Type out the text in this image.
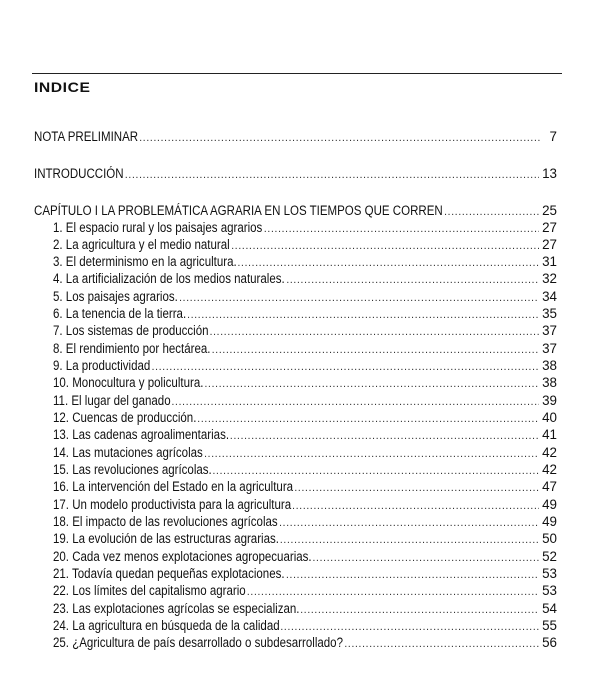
INDICE
NOTA PRELIMINAR .....	7
INTRODUCCIÓN .....	13
CAPÍTULO I LA PROBLEMÁTICA AGRARIA EN LOS TIEMPOS QUE CORREN .....	25
1. El espacio rural y los paisajes agrarios .....	27
2. La agricultura y el medio natural .....	27
3. El determinismo en la agricultura. .....	31
4. La artificialización de los medios naturales. .....	32
5. Los paisajes agrarios. .....	34
6. La tenencia de la tierra. .....	35
7. Los sistemas de producción .....	37
8. El rendimiento por hectárea. .....	37
9. La productividad .....	38
10. Monocultura y policultura. .....	38
11. El lugar del ganado .....	39
12. Cuencas de producción. .....	40
13. Las cadenas agroalimentarias. .....	41
14. Las mutaciones agrícolas .....	42
15. Las revoluciones agrícolas. .....	42
16. La intervención del Estado en la agricultura .....	47
17. Un modelo productivista para la agricultura .....	49
18. El impacto de las revoluciones agrícolas .....	49
19. La evolución de las estructuras agrarias. .....	50
20. Cada vez menos explotaciones agropecuarias. .....	52
21. Todavía quedan pequeñas explotaciones. .....	53
22. Los límites del capitalismo agrario .....	53
23. Las explotaciones agrícolas se especializan. .....	54
24. La agricultura en búsqueda de la calidad .....	55
25. ¿Agricultura de país desarrollado o subdesarrollado? .....	56
